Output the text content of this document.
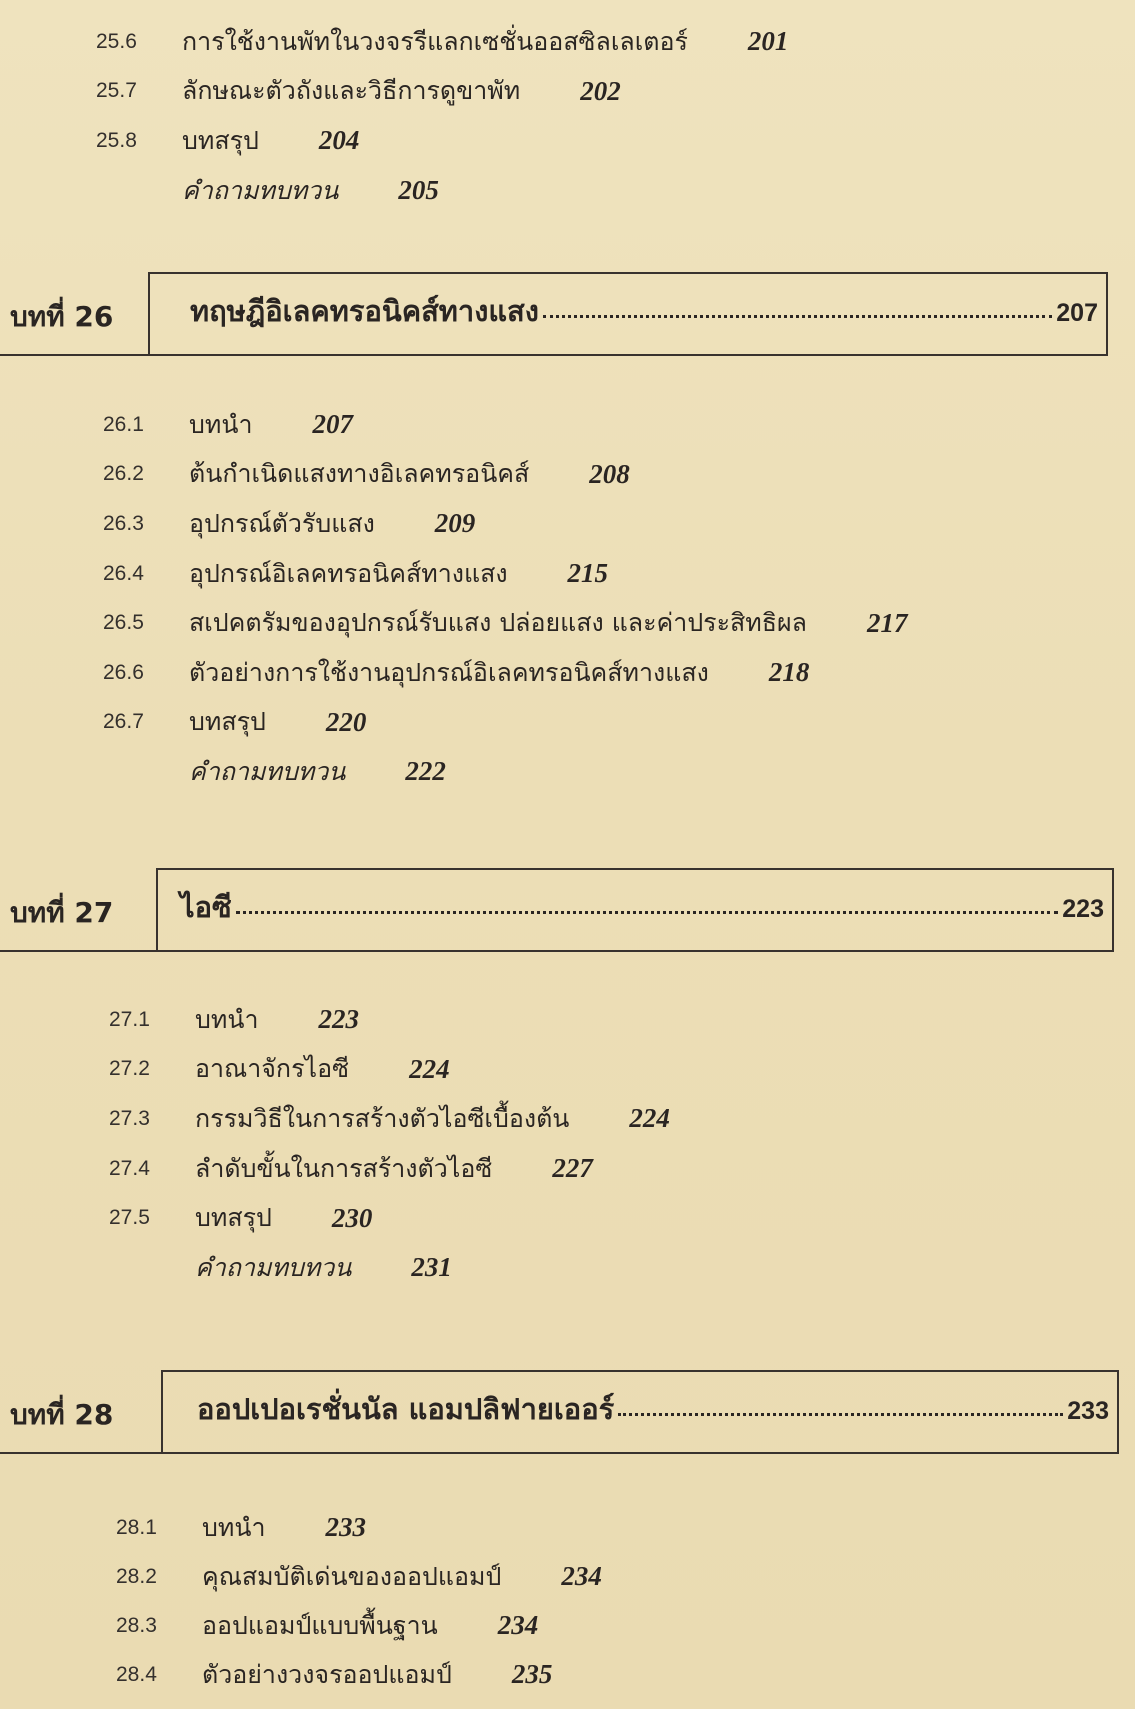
25.6	การใช้งานพัทในวงจรรีแลกเซชั่นออสซิลเลเตอร์ 201
25.7	ลักษณะตัวถังและวิธีการดูขาพัท 202
25.8	บทสรุป 204
คำถามทบทวน 205
บทที่ 26	ทฤษฎีอิเลคทรอนิคส์ทางแสง	207
26.1	บทนำ 207
26.2	ต้นกำเนิดแสงทางอิเลคทรอนิคส์ 208
26.3	อุปกรณ์ตัวรับแสง 209
26.4	อุปกรณ์อิเลคทรอนิคส์ทางแสง 215
26.5	สเปคตรัมของอุปกรณ์รับแสง ปล่อยแสง และค่าประสิทธิผล 217
26.6	ตัวอย่างการใช้งานอุปกรณ์อิเลคทรอนิคส์ทางแสง 218
26.7	บทสรุป 220
คำถามทบทวน 222
บทที่ 27 ไอซี	223
27.1	บทนำ 223
27.2	อาณาจักรไอซี 224
27.3	กรรมวิธีในการสร้างตัวไอซีเบื้องต้น 224
27.4	ลำดับขั้นในการสร้างตัวไอซี 227
27.5	บทสรุป 230
คำถามทบทวน 231
บทที่ 28	ออปเปอเรชั่นนัล แอมปลิฟายเออร์	233
28.1	บทนำ 233
28.2	คุณสมบัติเด่นของออปแอมป์ 234
28.3	ออปแอมป์แบบพื้นฐาน 234
28.4	ตัวอย่างวงจรออปแอมป์ 235
